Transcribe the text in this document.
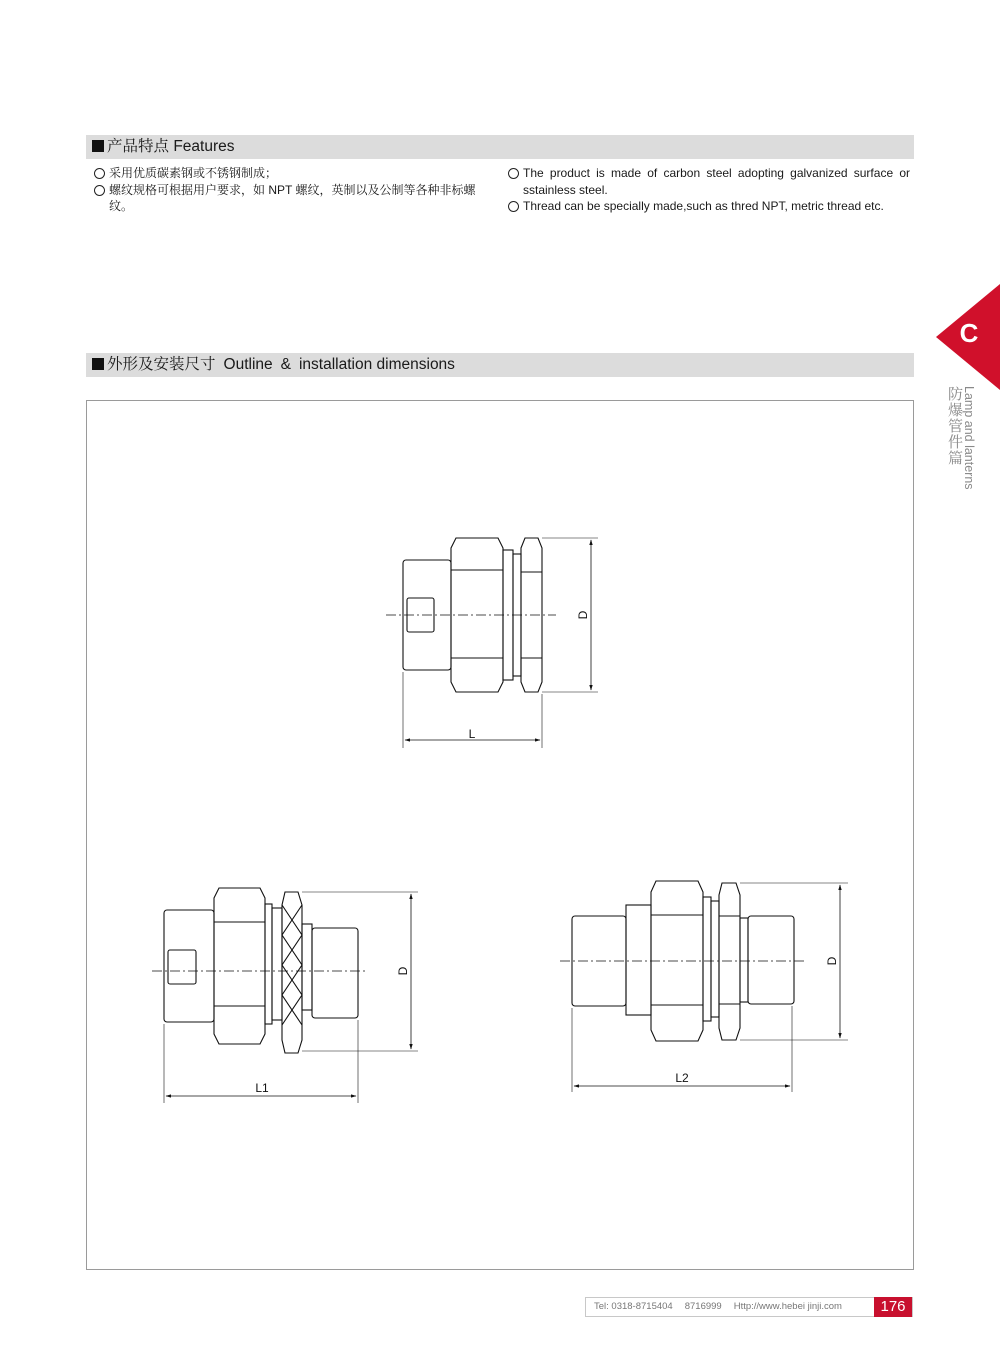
产品特点 Features
采用优质碳素钢或不锈钢制成；
螺纹规格可根据用户要求，如 NPT 螺纹，英制以及公制等各种非标螺纹。
The product is made of carbon steel adopting galvanized surface or sstainless steel.
Thread can be specially made,such as thred NPT, metric thread etc.
外形及安装尺寸 Outline & installation dimensions
D
L
D
L1
D
L2
C
防爆管件篇 Lamp and lanterns
Tel: 0318-8715404 8716999 Http://www.hebei jinji.com	176
